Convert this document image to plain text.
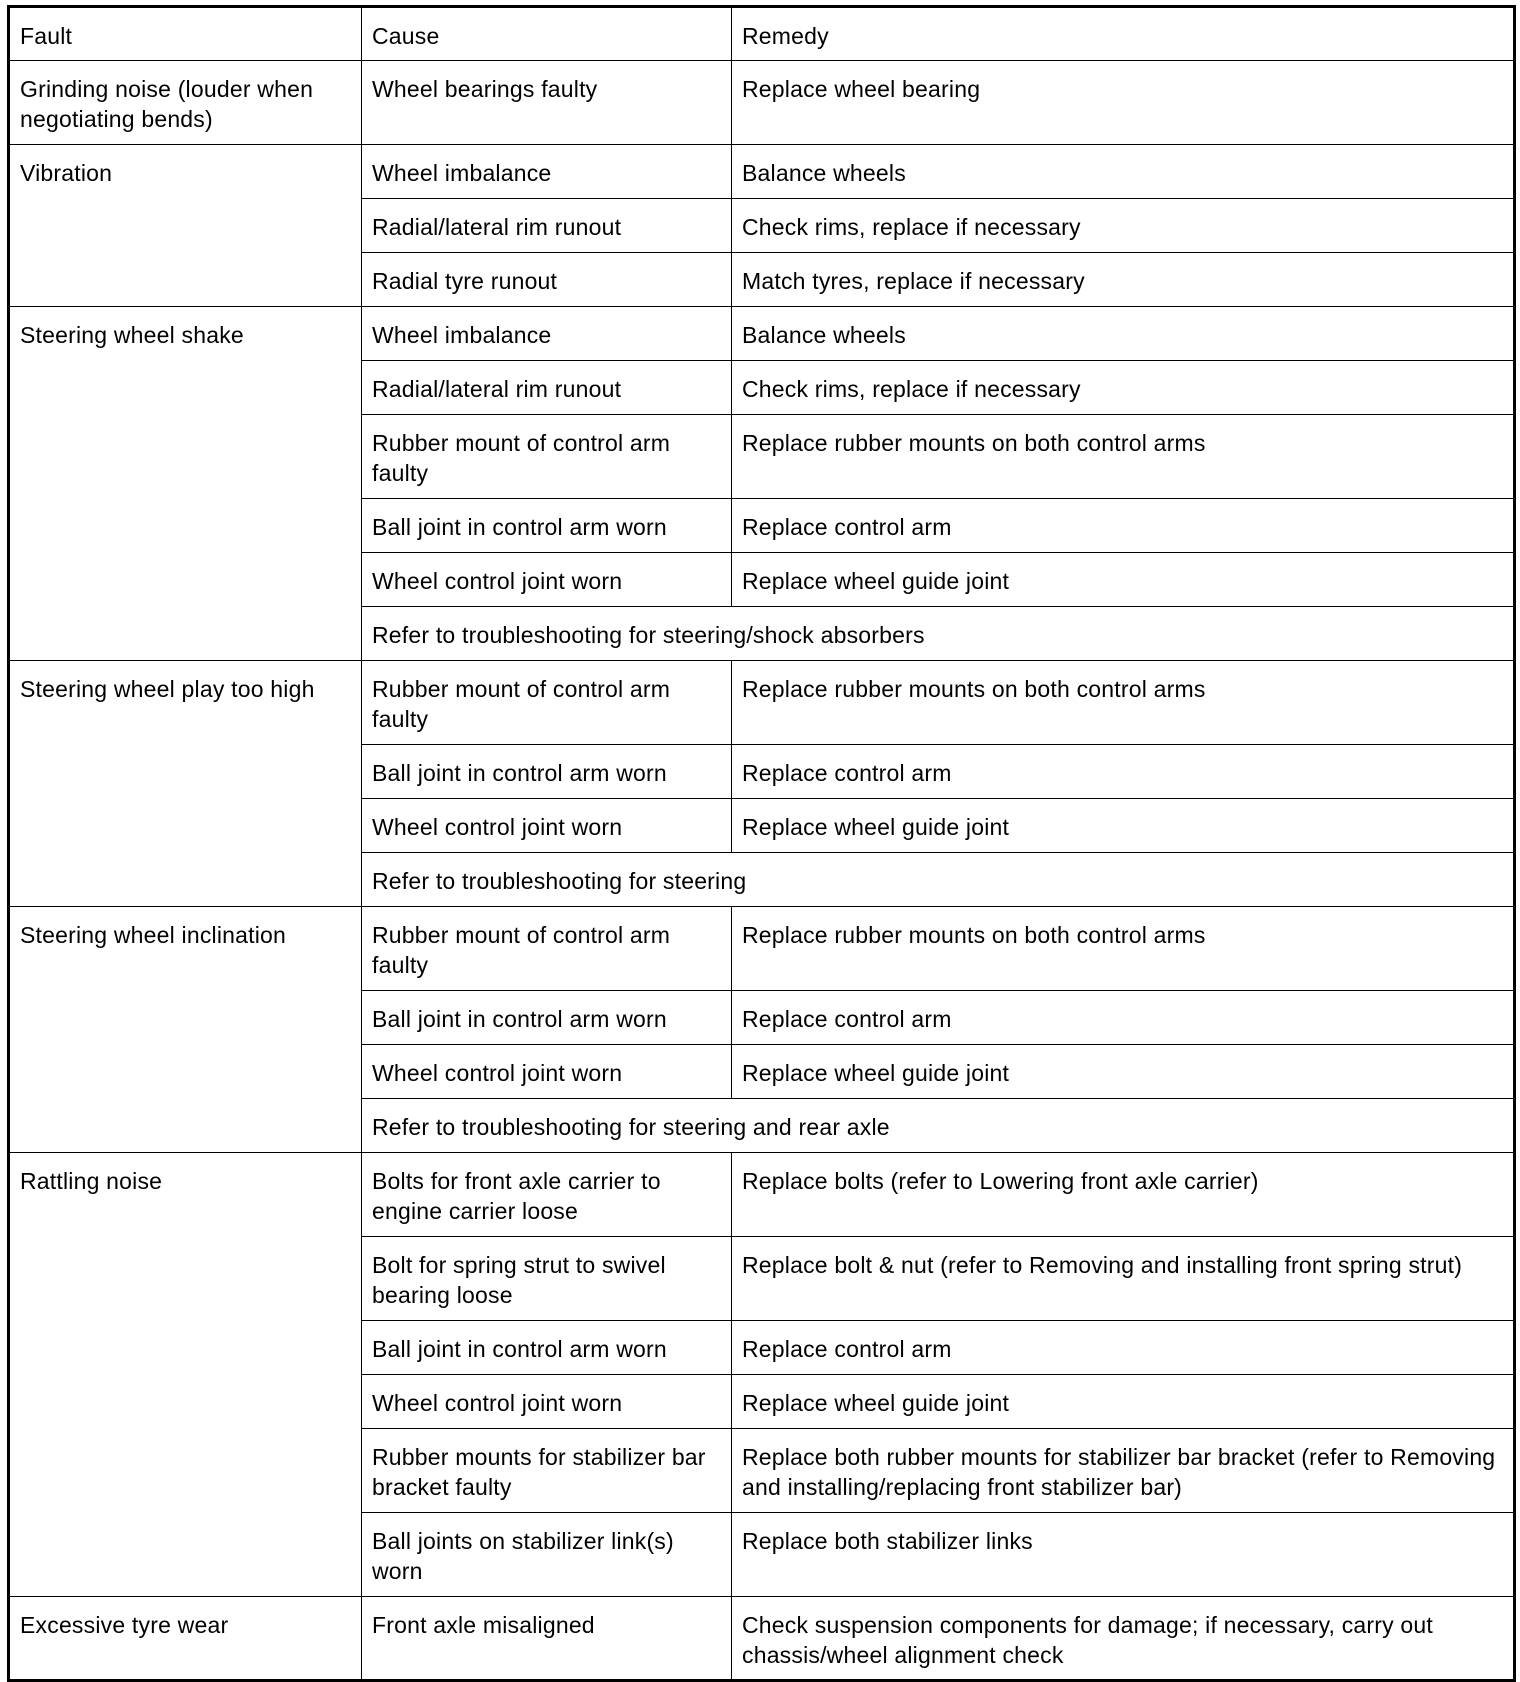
Fault	Cause	Remedy
Grinding noise (louder when negotiating bends)	Wheel bearings faulty	Replace wheel bearing
Vibration	Wheel imbalance	Balance wheels
	Radial/lateral rim runout	Check rims, replace if necessary
	Radial tyre runout	Match tyres, replace if necessary
Steering wheel shake	Wheel imbalance	Balance wheels
	Radial/lateral rim runout	Check rims, replace if necessary
	Rubber mount of control arm faulty	Replace rubber mounts on both control arms
	Ball joint in control arm worn	Replace control arm
	Wheel control joint worn	Replace wheel guide joint
	Refer to troubleshooting for steering/shock absorbers	
Steering wheel play too high	Rubber mount of control arm faulty	Replace rubber mounts on both control arms
	Ball joint in control arm worn	Replace control arm
	Wheel control joint worn	Replace wheel guide joint
	Refer to troubleshooting for steering	
Steering wheel inclination	Rubber mount of control arm faulty	Replace rubber mounts on both control arms
	Ball joint in control arm worn	Replace control arm
	Wheel control joint worn	Replace wheel guide joint
	Refer to troubleshooting for steering and rear axle	
Rattling noise	Bolts for front axle carrier to engine carrier loose	Replace bolts (refer to Lowering front axle carrier)
	Bolt for spring strut to swivel bearing loose	Replace bolt & nut (refer to Removing and installing front spring strut)
	Ball joint in control arm worn	Replace control arm
	Wheel control joint worn	Replace wheel guide joint
	Rubber mounts for stabilizer bar bracket faulty	Replace both rubber mounts for stabilizer bar bracket (refer to Removing and installing/replacing front stabilizer bar)
	Ball joints on stabilizer link(s) worn	Replace both stabilizer links
Excessive tyre wear	Front axle misaligned	Check suspension components for damage; if necessary, carry out chassis/wheel alignment check
